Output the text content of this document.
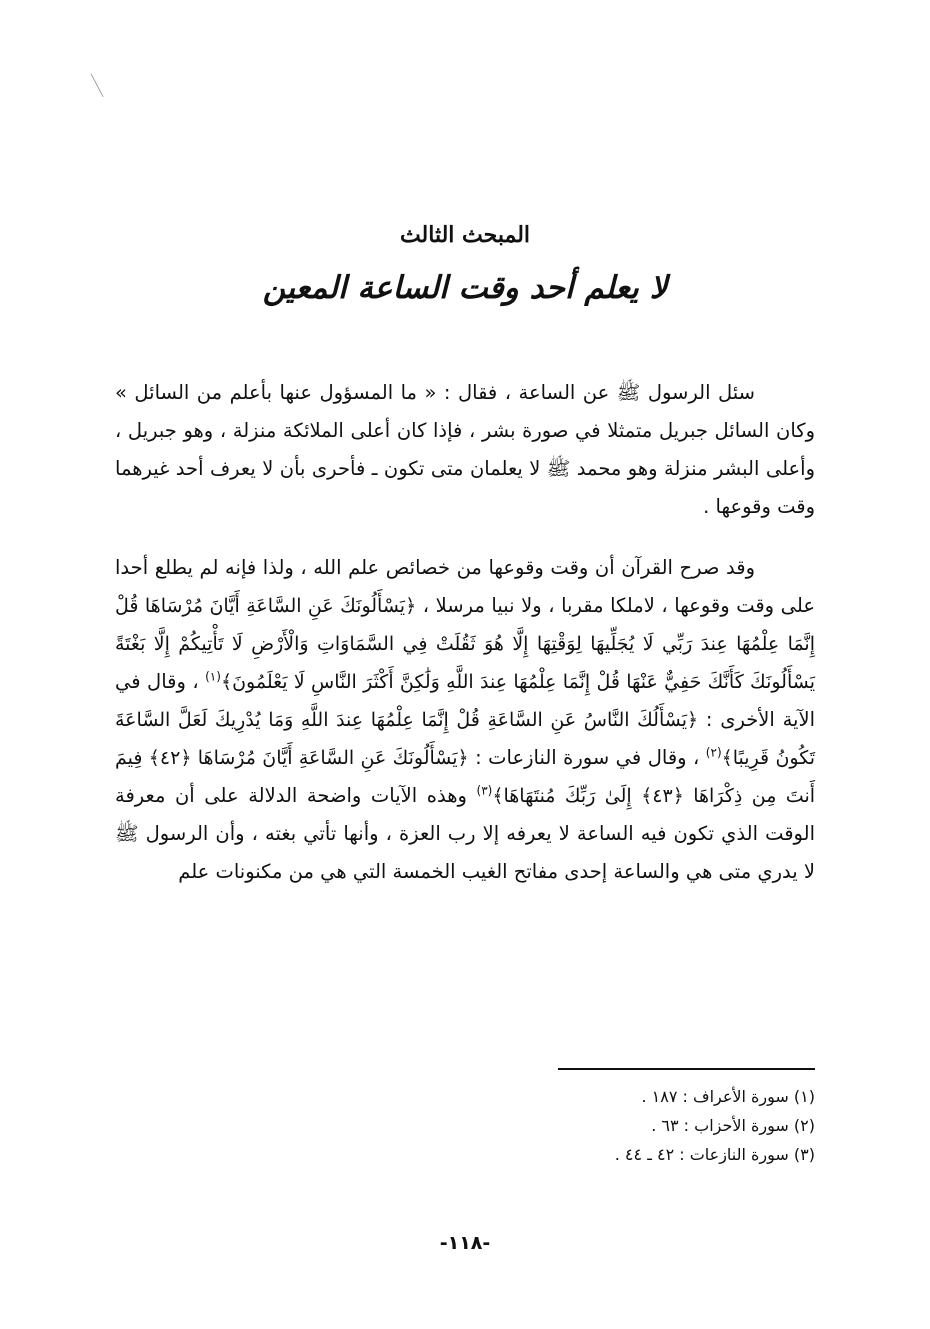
المبحث الثالث
لا يعلم أحد وقت الساعة المعين

سئل الرسول ﷺ عن الساعة ، فقال : « ما المسؤول عنها بأعلم من السائل » وكان السائل جبريل متمثلا في صورة بشر ، فإذا كان أعلى الملائكة منزلة ، وهو جبريل ، وأعلى البشر منزلة وهو محمد ﷺ لا يعلمان متى تكون ـ فأحرى بأن لا يعرف أحد غيرهما وقت وقوعها .

وقد صرح القرآن أن وقت وقوعها من خصائص علم الله ، ولذا فإنه لم يطلع أحدا على وقت وقوعها ، لاملكا مقربا ، ولا نبيا مرسلا ، ﴿يَسْأَلُونَكَ عَنِ السَّاعَةِ أَيَّانَ مُرْسَاهَا قُلْ إِنَّمَا عِلْمُهَا عِندَ رَبِّي لَا يُجَلِّيهَا لِوَقْتِهَا إِلَّا هُوَ ثَقُلَتْ فِي السَّمَاوَاتِ وَالْأَرْضِ لَا تَأْتِيكُمْ إِلَّا بَغْتَةً يَسْأَلُونَكَ كَأَنَّكَ حَفِيٌّ عَنْهَا قُلْ إِنَّمَا عِلْمُهَا عِندَ اللَّهِ وَلَٰكِنَّ أَكْثَرَ النَّاسِ لَا يَعْلَمُونَ﴾$^{(١)}$ ، وقال في الآية الأخرى : ﴿يَسْأَلُكَ النَّاسُ عَنِ السَّاعَةِ قُلْ إِنَّمَا عِلْمُهَا عِندَ اللَّهِ وَمَا يُدْرِيكَ لَعَلَّ السَّاعَةَ تَكُونُ قَرِيبًا﴾$^{(٢)}$ ، وقال في سورة النازعات : ﴿يَسْأَلُونَكَ عَنِ السَّاعَةِ أَيَّانَ مُرْسَاهَا ﴿٤٢﴾ فِيمَ أَنتَ مِن ذِكْرَاهَا ﴿٤٣﴾ إِلَىٰ رَبِّكَ مُنتَهَاهَا﴾$^{(٣)}$ وهذه الآيات واضحة الدلالة على أن معرفة الوقت الذي تكون فيه الساعة لا يعرفه إلا رب العزة ، وأنها تأتي بغته ، وأن الرسول ﷺ لا يدري متى هي والساعة إحدى مفاتح الغيب الخمسة التي هي من مكنونات علم

(١) سورة الأعراف : ١٨٧ .
(٢) سورة الأحزاب : ٦٣ .
(٣) سورة النازعات : ٤٢ ـ ٤٤ .
-١١٨-
